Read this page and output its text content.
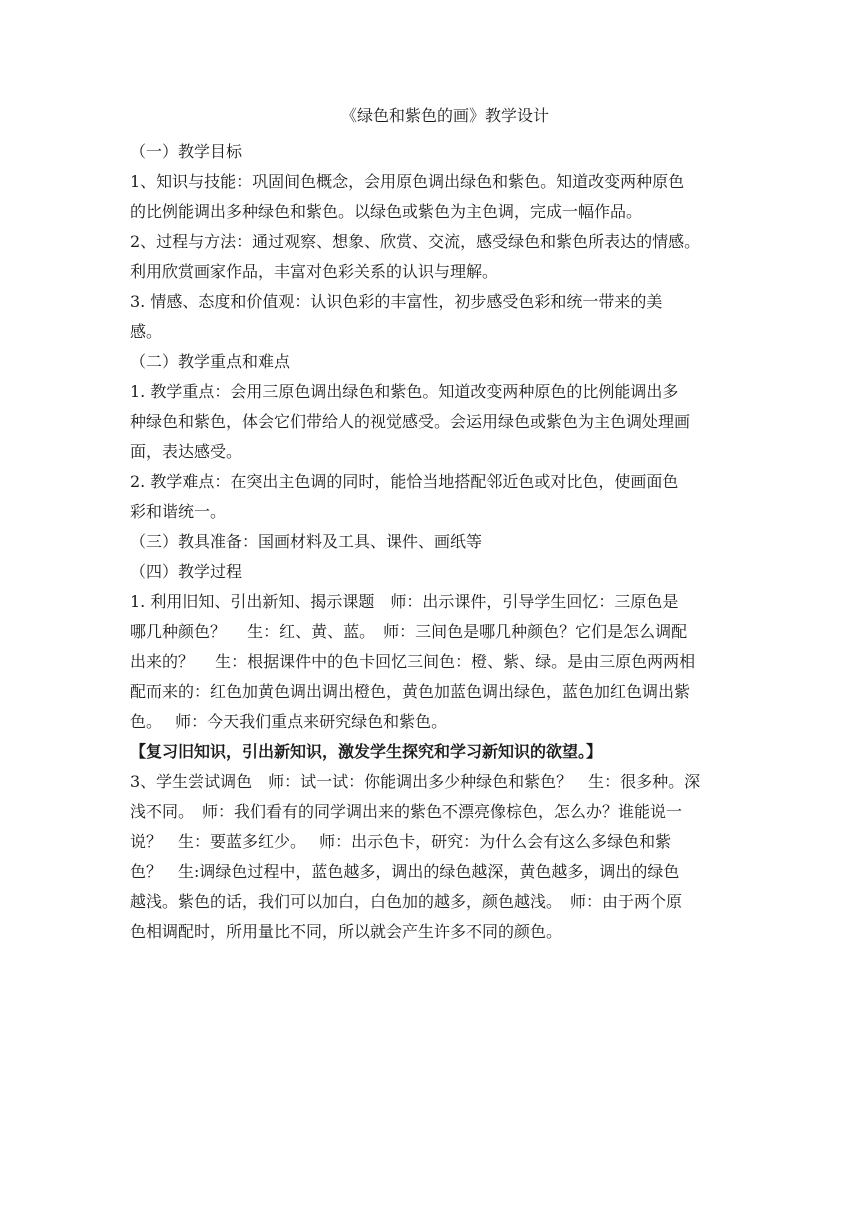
《绿色和紫色的画》教学设计

（一）教学目标

1、知识与技能：巩固间色概念，会用原色调出绿色和紫色。知道改变两种原色

的比例能调出多种绿色和紫色。以绿色或紫色为主色调，完成一幅作品。

2、过程与方法：通过观察、想象、欣赏、交流，感受绿色和紫色所表达的情感。

利用欣赏画家作品，丰富对色彩关系的认识与理解。

3. 情感、态度和价值观：认识色彩的丰富性，初步感受色彩和统一带来的美

感。

（二）教学重点和难点

1. 教学重点：会用三原色调出绿色和紫色。知道改变两种原色的比例能调出多

种绿色和紫色，体会它们带给人的视觉感受。会运用绿色或紫色为主色调处理画

面，表达感受。

2. 教学难点：在突出主色调的同时，能恰当地搭配邻近色或对比色，使画面色

彩和谐统一。

（三）教具准备：国画材料及工具、课件、画纸等

（四）教学过程

1. 利用旧知、引出新知、揭示课题　师：出示课件，引导学生回忆：三原色是

哪几种颜色？　 生：红、黄、蓝。　师：三间色是哪几种颜色？它们是怎么调配

出来的？　 生：根据课件中的色卡回忆三间色：橙、紫、绿。是由三原色两两相

配而来的：红色加黄色调出调出橙色，黄色加蓝色调出绿色，蓝色加红色调出紫

色。　 师：今天我们重点来研究绿色和紫色。

【复习旧知识，引出新知识，激发学生探究和学习新知识的欲望。】

3、学生尝试调色　师：试一试：你能调出多少种绿色和紫色？　生：很多种。深

浅不同。　师：我们看有的同学调出来的紫色不漂亮像棕色，怎么办？谁能说一

说？　生：要蓝多红少。　 师：出示色卡，研究：为什么会有这么多绿色和紫

色？　生:调绿色过程中，蓝色越多，调出的绿色越深，黄色越多，调出的绿色

越浅。紫色的话，我们可以加白，白色加的越多，颜色越浅。　师：由于两个原

色相调配时，所用量比不同，所以就会产生许多不同的颜色。
